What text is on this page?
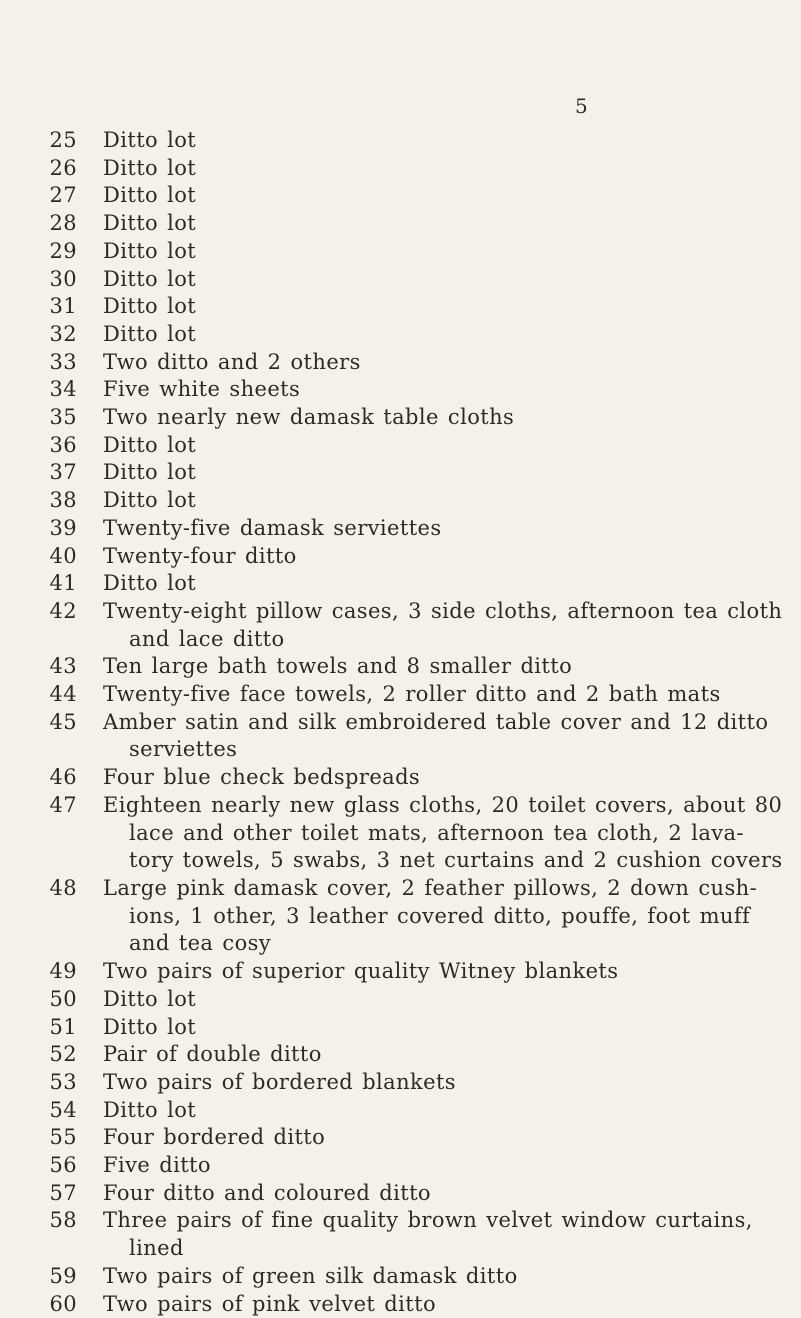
5
25 Ditto lot
26 Ditto lot
27 Ditto lot
28 Ditto lot
29 Ditto lot
30 Ditto lot
31 Ditto lot
32 Ditto lot
33 Two ditto and 2 others
34 Five white sheets
35 Two nearly new damask table cloths
36 Ditto lot
37 Ditto lot
38 Ditto lot
39 Twenty-five damask serviettes
40 Twenty-four ditto
41 Ditto lot
42 Twenty-eight pillow cases, 3 side cloths, afternoon tea cloth
and lace ditto
43 Ten large bath towels and 8 smaller ditto
44 Twenty-five face towels, 2 roller ditto and 2 bath mats
45 Amber satin and silk embroidered table cover and 12 ditto
serviettes
46 Four blue check bedspreads
47 Eighteen nearly new glass cloths, 20 toilet covers, about 80
lace and other toilet mats, afternoon tea cloth, 2 lava-
tory towels, 5 swabs, 3 net curtains and 2 cushion covers
48 Large pink damask cover, 2 feather pillows, 2 down cush-
ions, 1 other, 3 leather covered ditto, pouffe, foot muff
and tea cosy
49 Two pairs of superior quality Witney blankets
50 Ditto lot
51 Ditto lot
52 Pair of double ditto
53 Two pairs of bordered blankets
54 Ditto lot
55 Four bordered ditto
56 Five ditto
57 Four ditto and coloured ditto
58 Three pairs of fine quality brown velvet window curtains,
lined
59 Two pairs of green silk damask ditto
60 Two pairs of pink velvet ditto
